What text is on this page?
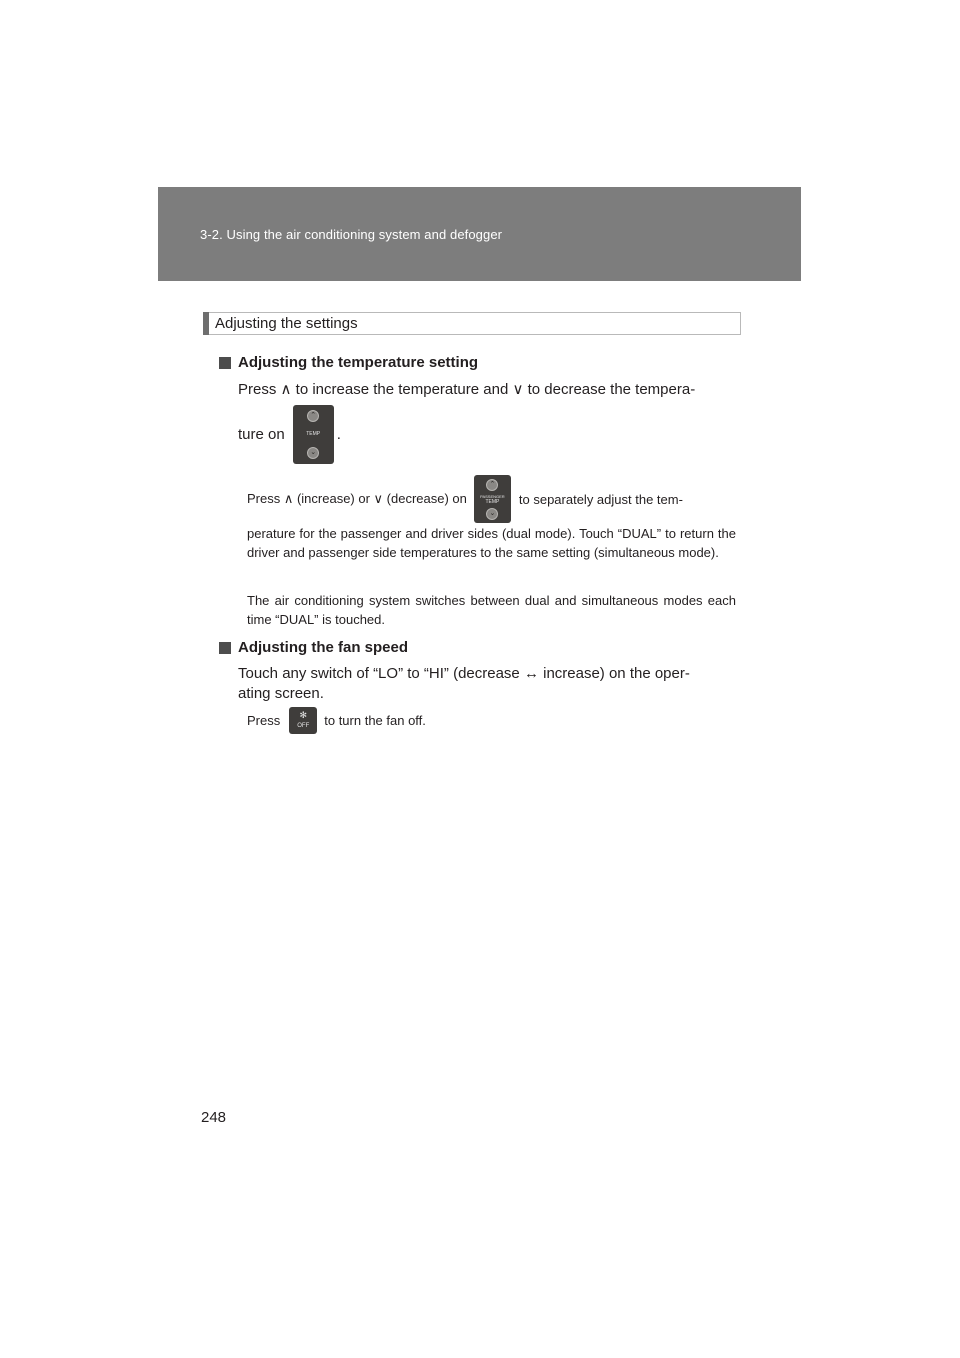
3-2. Using the air conditioning system and defogger
Adjusting the settings
Adjusting the temperature setting
Press ∧ to increase the temperature and ∨ to decrease the tempera-
ture on
⌃
TEMP
⌄
.
Press ∧ (increase) or ∨ (decrease) on
⌃
PASSENGER
TEMP
⌄
to separately adjust the tem-
perature for the passenger and driver sides (dual mode). Touch “DUAL” to return the driver and passenger side temperatures to the same setting (simultaneous mode).
The air conditioning system switches between dual and simultaneous modes each time “DUAL” is touched.
Adjusting the fan speed
Touch any switch of “LO” to “HI” (decrease ↔ increase) on the oper-
ating screen.
Press	✻
OFF	to turn the fan off.
248
